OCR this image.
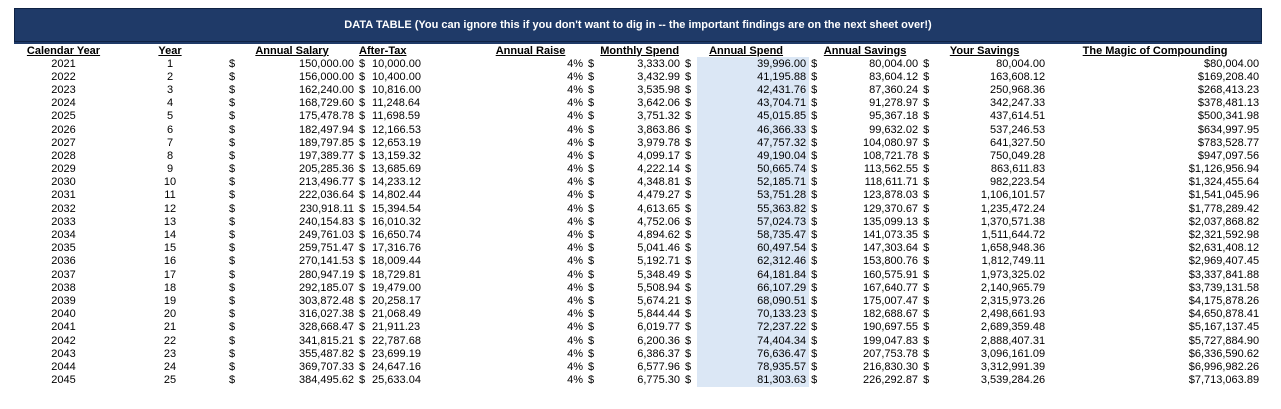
DATA TABLE (You can ignore this if you don't want to dig in -- the important findings are on the next sheet over!)
Calendar Year	Year	Annual Salary		After-Tax		Annual Raise	Monthly Spend		Annual Spend		Annual Savings		Your Savings		The Magic of Compounding
2021	1	$	150,000.00	$	10,000.00	4%	$	3,333.00	$	39,996.00	$	80,004.00	$	80,004.00	$80,004.00
2022	2	$	156,000.00	$	10,400.00	4%	$	3,432.99	$	41,195.88	$	83,604.12	$	163,608.12	$169,208.40
2023	3	$	162,240.00	$	10,816.00	4%	$	3,535.98	$	42,431.76	$	87,360.24	$	250,968.36	$268,413.23
2024	4	$	168,729.60	$	11,248.64	4%	$	3,642.06	$	43,704.71	$	91,278.97	$	342,247.33	$378,481.13
2025	5	$	175,478.78	$	11,698.59	4%	$	3,751.32	$	45,015.85	$	95,367.18	$	437,614.51	$500,341.98
2026	6	$	182,497.94	$	12,166.53	4%	$	3,863.86	$	46,366.33	$	99,632.02	$	537,246.53	$634,997.95
2027	7	$	189,797.85	$	12,653.19	4%	$	3,979.78	$	47,757.32	$	104,080.97	$	641,327.50	$783,528.77
2028	8	$	197,389.77	$	13,159.32	4%	$	4,099.17	$	49,190.04	$	108,721.78	$	750,049.28	$947,097.56
2029	9	$	205,285.36	$	13,685.69	4%	$	4,222.14	$	50,665.74	$	113,562.55	$	863,611.83	$1,126,956.94
2030	10	$	213,496.77	$	14,233.12	4%	$	4,348.81	$	52,185.71	$	118,611.71	$	982,223.54	$1,324,455.64
2031	11	$	222,036.64	$	14,802.44	4%	$	4,479.27	$	53,751.28	$	123,878.03	$	1,106,101.57	$1,541,045.96
2032	12	$	230,918.11	$	15,394.54	4%	$	4,613.65	$	55,363.82	$	129,370.67	$	1,235,472.24	$1,778,289.42
2033	13	$	240,154.83	$	16,010.32	4%	$	4,752.06	$	57,024.73	$	135,099.13	$	1,370,571.38	$2,037,868.82
2034	14	$	249,761.03	$	16,650.74	4%	$	4,894.62	$	58,735.47	$	141,073.35	$	1,511,644.72	$2,321,592.98
2035	15	$	259,751.47	$	17,316.76	4%	$	5,041.46	$	60,497.54	$	147,303.64	$	1,658,948.36	$2,631,408.12
2036	16	$	270,141.53	$	18,009.44	4%	$	5,192.71	$	62,312.46	$	153,800.76	$	1,812,749.11	$2,969,407.45
2037	17	$	280,947.19	$	18,729.81	4%	$	5,348.49	$	64,181.84	$	160,575.91	$	1,973,325.02	$3,337,841.88
2038	18	$	292,185.07	$	19,479.00	4%	$	5,508.94	$	66,107.29	$	167,640.77	$	2,140,965.79	$3,739,131.58
2039	19	$	303,872.48	$	20,258.17	4%	$	5,674.21	$	68,090.51	$	175,007.47	$	2,315,973.26	$4,175,878.26
2040	20	$	316,027.38	$	21,068.49	4%	$	5,844.44	$	70,133.23	$	182,688.67	$	2,498,661.93	$4,650,878.41
2041	21	$	328,668.47	$	21,911.23	4%	$	6,019.77	$	72,237.22	$	190,697.55	$	2,689,359.48	$5,167,137.45
2042	22	$	341,815.21	$	22,787.68	4%	$	6,200.36	$	74,404.34	$	199,047.83	$	2,888,407.31	$5,727,884.90
2043	23	$	355,487.82	$	23,699.19	4%	$	6,386.37	$	76,636.47	$	207,753.78	$	3,096,161.09	$6,336,590.62
2044	24	$	369,707.33	$	24,647.16	4%	$	6,577.96	$	78,935.57	$	216,830.30	$	3,312,991.39	$6,996,982.26
2045	25	$	384,495.62	$	25,633.04	4%	$	6,775.30	$	81,303.63	$	226,292.87	$	3,539,284.26	$7,713,063.89
